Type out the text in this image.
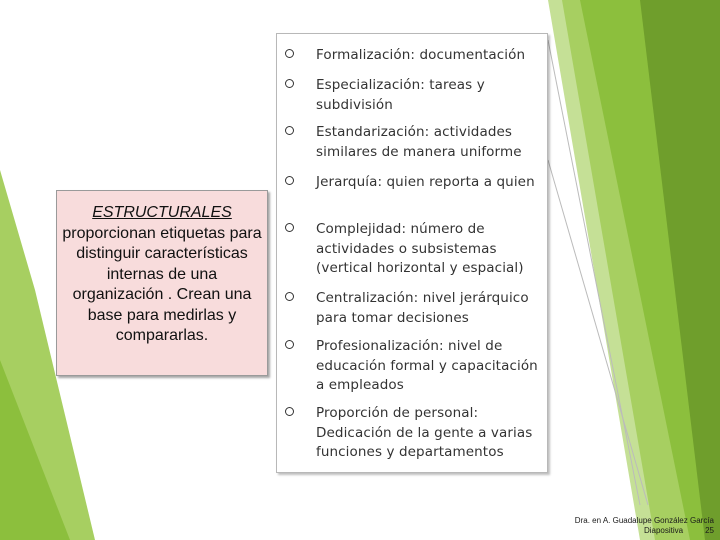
ESTRUCTURALES proporcionan etiquetas para distinguir características internas de una organización . Crean una base para medirlas y compararlas.
Formalización: documentación
Especialización: tareas y subdivisión
Estandarización: actividades similares de manera uniforme
Jerarquía: quien reporta a quien
Complejidad: número de actividades o subsistemas (vertical horizontal y espacial)
Centralización: nivel jerárquico para tomar decisiones
Profesionalización: nivel de educación formal y capacitación a empleados
Proporción de personal: Dedicación de la gente a varias funciones y departamentos
Dra. en A. Guadalupe González García
Diapositiva	25
